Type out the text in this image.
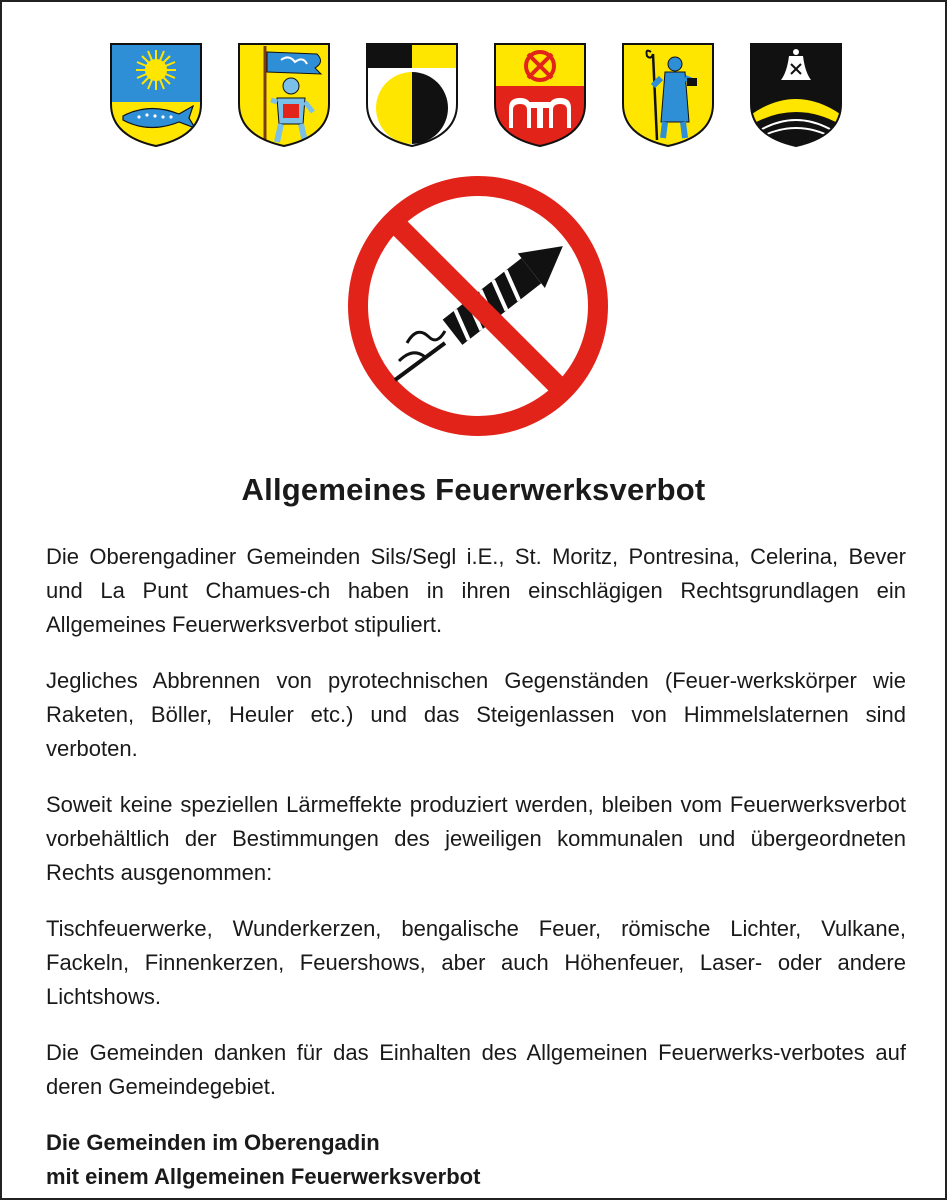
Allgemeines Feuerwerksverbot

Die Oberengadiner Gemeinden Sils/Segl i.E., St. Moritz, Pontresina, Celerina, Bever und La Punt Chamues-ch haben in ihren einschlägigen Rechtsgrundlagen ein Allgemeines Feuerwerksverbot stipuliert.

Jegliches Abbrennen von pyrotechnischen Gegenständen (Feuer-werkskörper wie Raketen, Böller, Heuler etc.) und das Steigenlassen von Himmelslaternen sind verboten.

Soweit keine speziellen Lärmeffekte produziert werden, bleiben vom Feuerwerksverbot vorbehältlich der Bestimmungen des jeweiligen kommunalen und übergeordneten Rechts ausgenommen:

Tischfeuerwerke, Wunderkerzen, bengalische Feuer, römische Lichter, Vulkane, Fackeln, Finnenkerzen, Feuershows, aber auch Höhenfeuer, Laser- oder andere Lichtshows.

Die Gemeinden danken für das Einhalten des Allgemeinen Feuerwerks-verbotes auf deren Gemeindegebiet.

Die Gemeinden im Oberengadin
mit einem Allgemeinen Feuerwerksverbot
